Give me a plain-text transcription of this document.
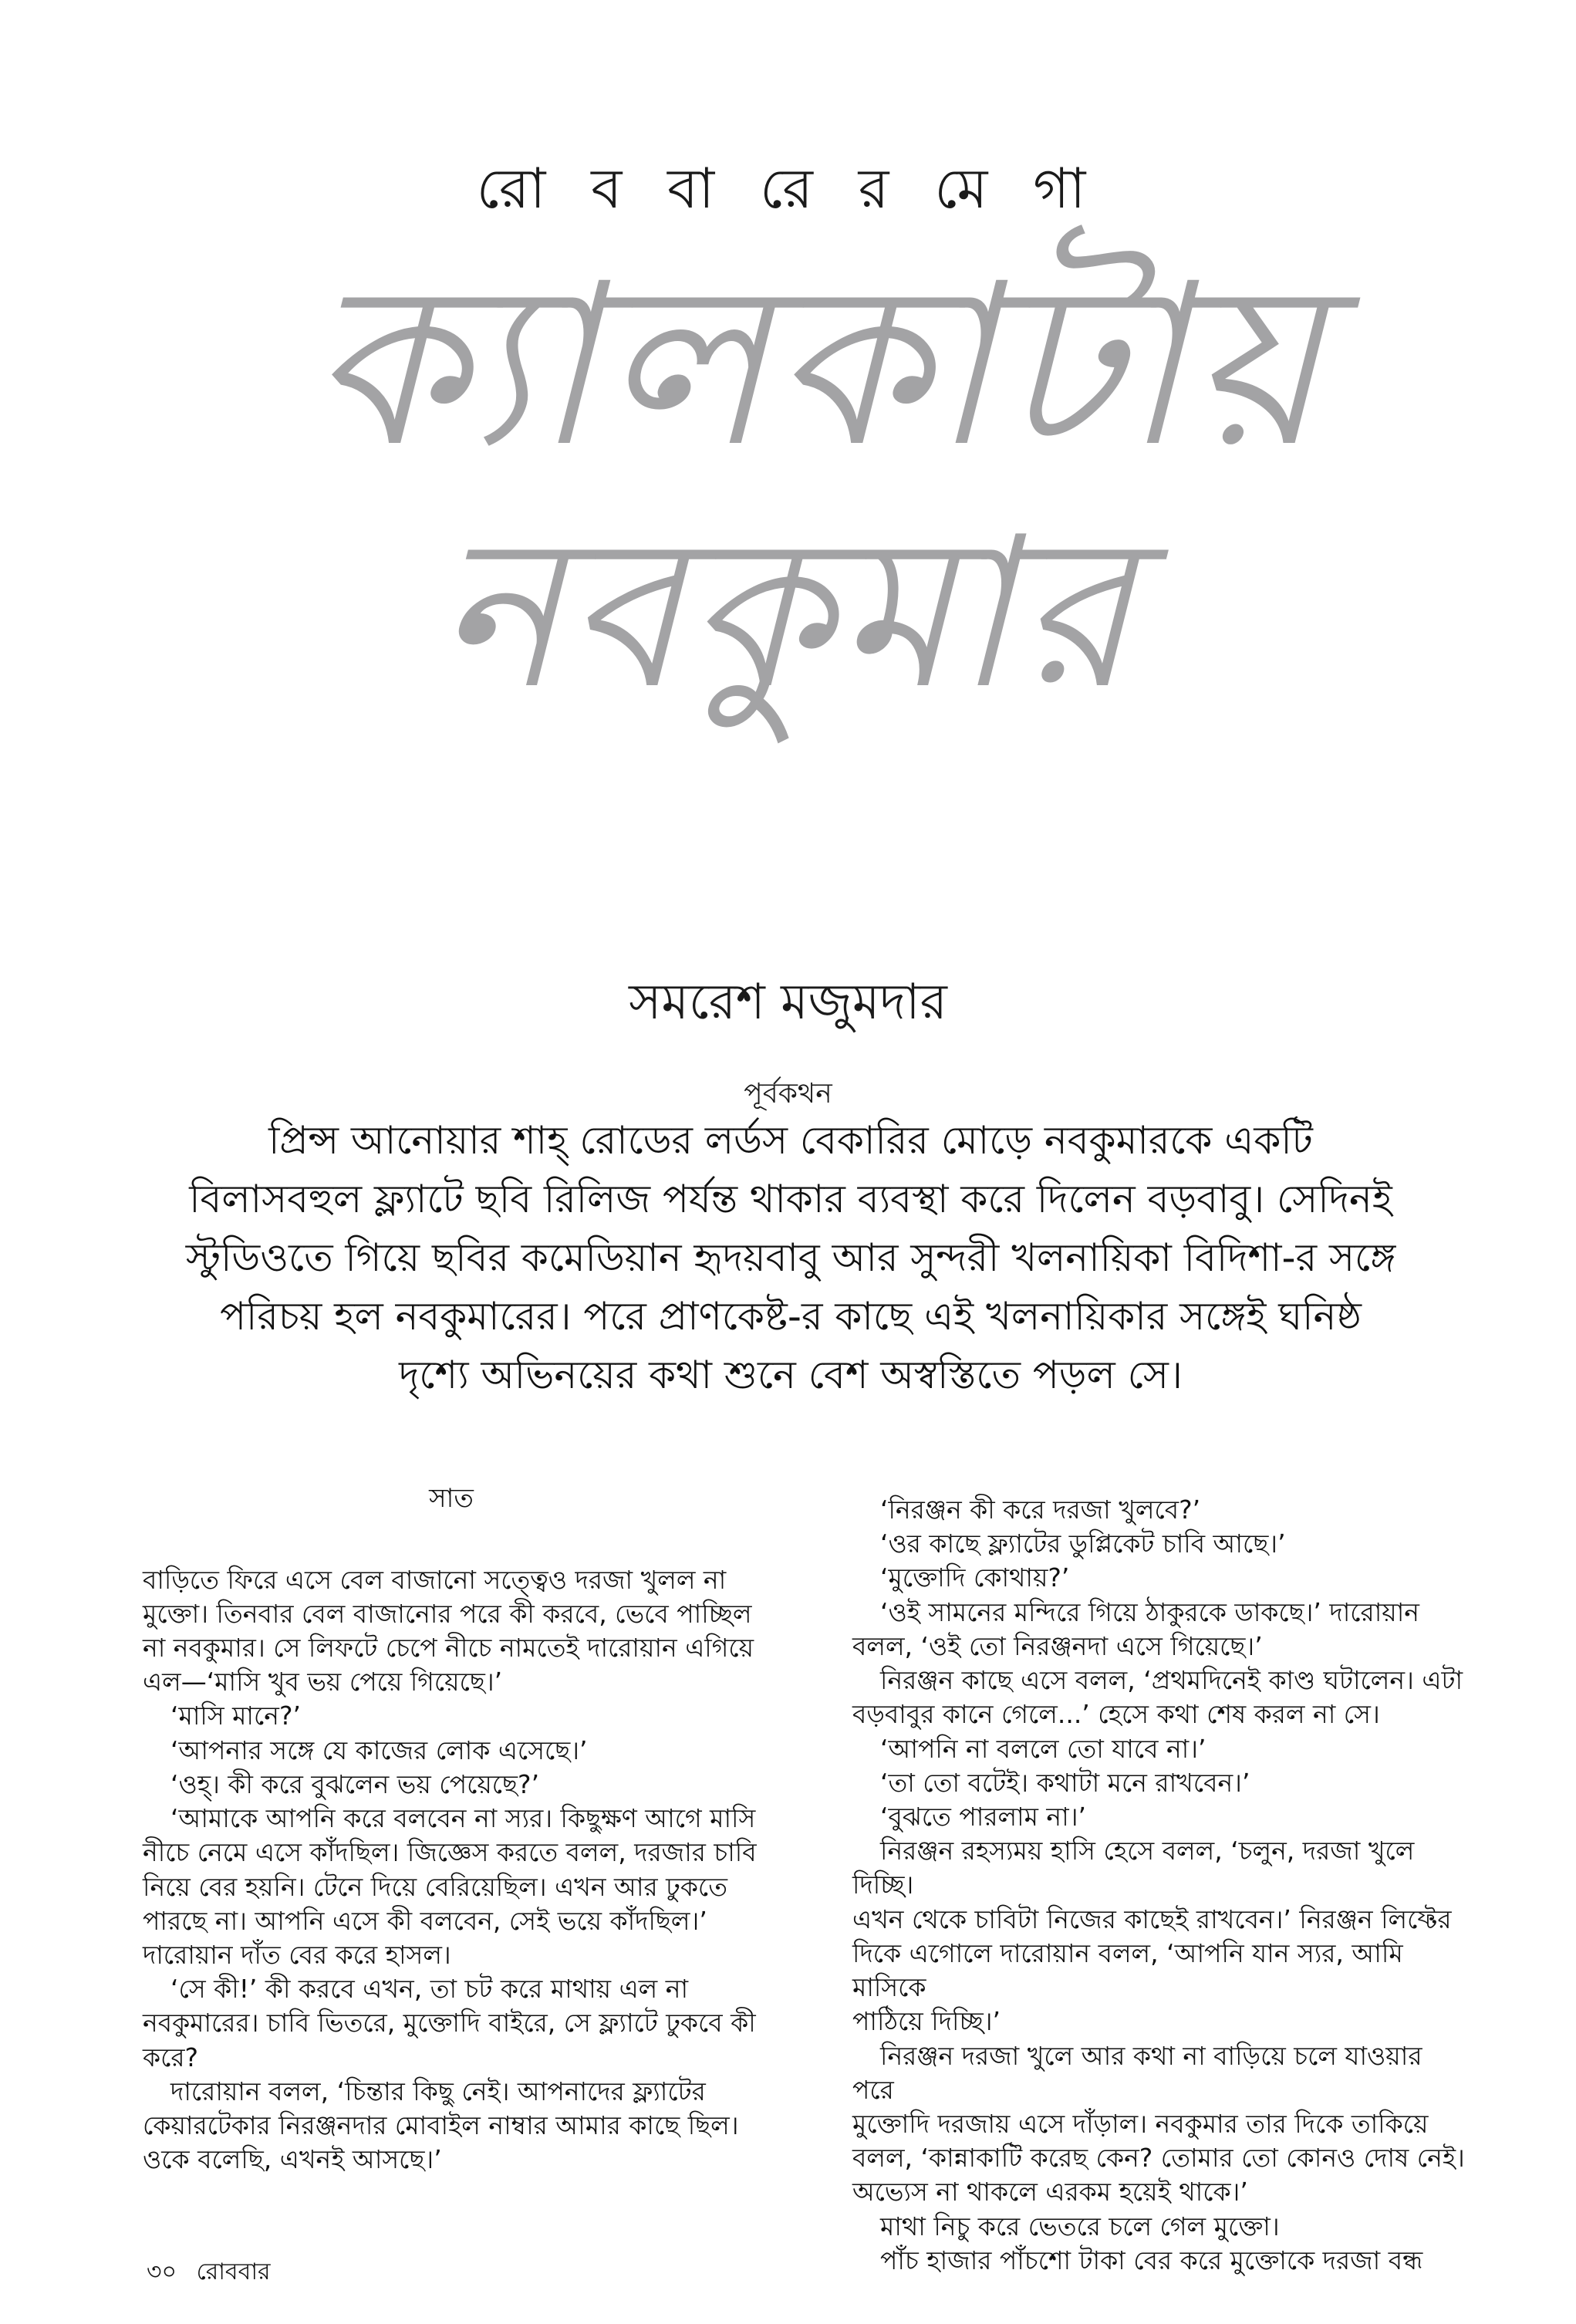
রো ব বা রে র মে গা
ক্যালকাটায়
নবকুমার
সমরেশ মজুমদার
পূর্বকথন
প্রিন্স আনোয়ার শাহ্ রোডের লর্ডস বেকারির মোড়ে নবকুমারকে একটি
বিলাসবহুল ফ্ল্যাটে ছবি রিলিজ পর্যন্ত থাকার ব্যবস্থা করে দিলেন বড়বাবু। সেদিনই
স্টুডিওতে গিয়ে ছবির কমেডিয়ান হৃদয়বাবু আর সুন্দরী খলনায়িকা বিদিশা-র সঙ্গে
পরিচয় হল নবকুমারের। পরে প্রাণকেষ্ট-র কাছে এই খলনায়িকার সঙ্গেই ঘনিষ্ঠ
দৃশ্যে অভিনয়ের কথা শুনে বেশ অস্বস্তিতে পড়ল সে।
সাত

বাড়িতে ফিরে এসে বেল বাজানো সত্ত্বেও দরজা খুলল না

মুক্তো। তিনবার বেল বাজানোর পরে কী করবে, ভেবে পাচ্ছিল

না নবকুমার। সে লিফটে চেপে নীচে নামতেই দারোয়ান এগিয়ে

এল—‘মাসি খুব ভয় পেয়ে গিয়েছে।’

‘মাসি মানে?’

‘আপনার সঙ্গে যে কাজের লোক এসেছে।’

‘ওহ্। কী করে বুঝলেন ভয় পেয়েছে?’

‘আমাকে আপনি করে বলবেন না স্যর। কিছুক্ষণ আগে মাসি

নীচে নেমে এসে কাঁদছিল। জিজ্ঞেস করতে বলল, দরজার চাবি

নিয়ে বের হয়নি। টেনে দিয়ে বেরিয়েছিল। এখন আর ঢুকতে

পারছে না। আপনি এসে কী বলবেন, সেই ভয়ে কাঁদছিল।’

দারোয়ান দাঁত বের করে হাসল।

‘সে কী!’ কী করবে এখন, তা চট করে মাথায় এল না

নবকুমারের। চাবি ভিতরে, মুক্তোদি বাইরে, সে ফ্ল্যাটে ঢুকবে কী

করে?

দারোয়ান বলল, ‘চিন্তার কিছু নেই। আপনাদের ফ্ল্যাটের

কেয়ারটেকার নিরঞ্জনদার মোবাইল নাম্বার আমার কাছে ছিল।

ওকে বলেছি, এখনই আসছে।’

‘নিরঞ্জন কী করে দরজা খুলবে?’

‘ওর কাছে ফ্ল্যাটের ডুপ্লিকেট চাবি আছে।’

‘মুক্তোদি কোথায়?’

‘ওই সামনের মন্দিরে গিয়ে ঠাকুরকে ডাকছে।’ দারোয়ান

বলল, ‘ওই তো নিরঞ্জনদা এসে গিয়েছে।’

নিরঞ্জন কাছে এসে বলল, ‘প্রথমদিনেই কাণ্ড ঘটালেন। এটা

বড়বাবুর কানে গেলে...’ হেসে কথা শেষ করল না সে।

‘আপনি না বললে তো যাবে না।’

‘তা তো বটেই। কথাটা মনে রাখবেন।’

‘বুঝতে পারলাম না।’

নিরঞ্জন রহস্যময় হাসি হেসে বলল, ‘চলুন, দরজা খুলে দিচ্ছি।

এখন থেকে চাবিটা নিজের কাছেই রাখবেন।’ নিরঞ্জন লিফ্টের

দিকে এগোলে দারোয়ান বলল, ‘আপনি যান স্যর, আমি মাসিকে

পাঠিয়ে দিচ্ছি।’

নিরঞ্জন দরজা খুলে আর কথা না বাড়িয়ে চলে যাওয়ার পরে

মুক্তোদি দরজায় এসে দাঁড়াল। নবকুমার তার দিকে তাকিয়ে

বলল, ‘কান্নাকাটি করেছ কেন? তোমার তো কোনও দোষ নেই।

অভ্যেস না থাকলে এরকম হয়েই থাকে।’

মাথা নিচু করে ভেতরে চলে গেল মুক্তো।

পাঁচ হাজার পাঁচশো টাকা বের করে মুক্তোকে দরজা বন্ধ

৩০ রোববার
